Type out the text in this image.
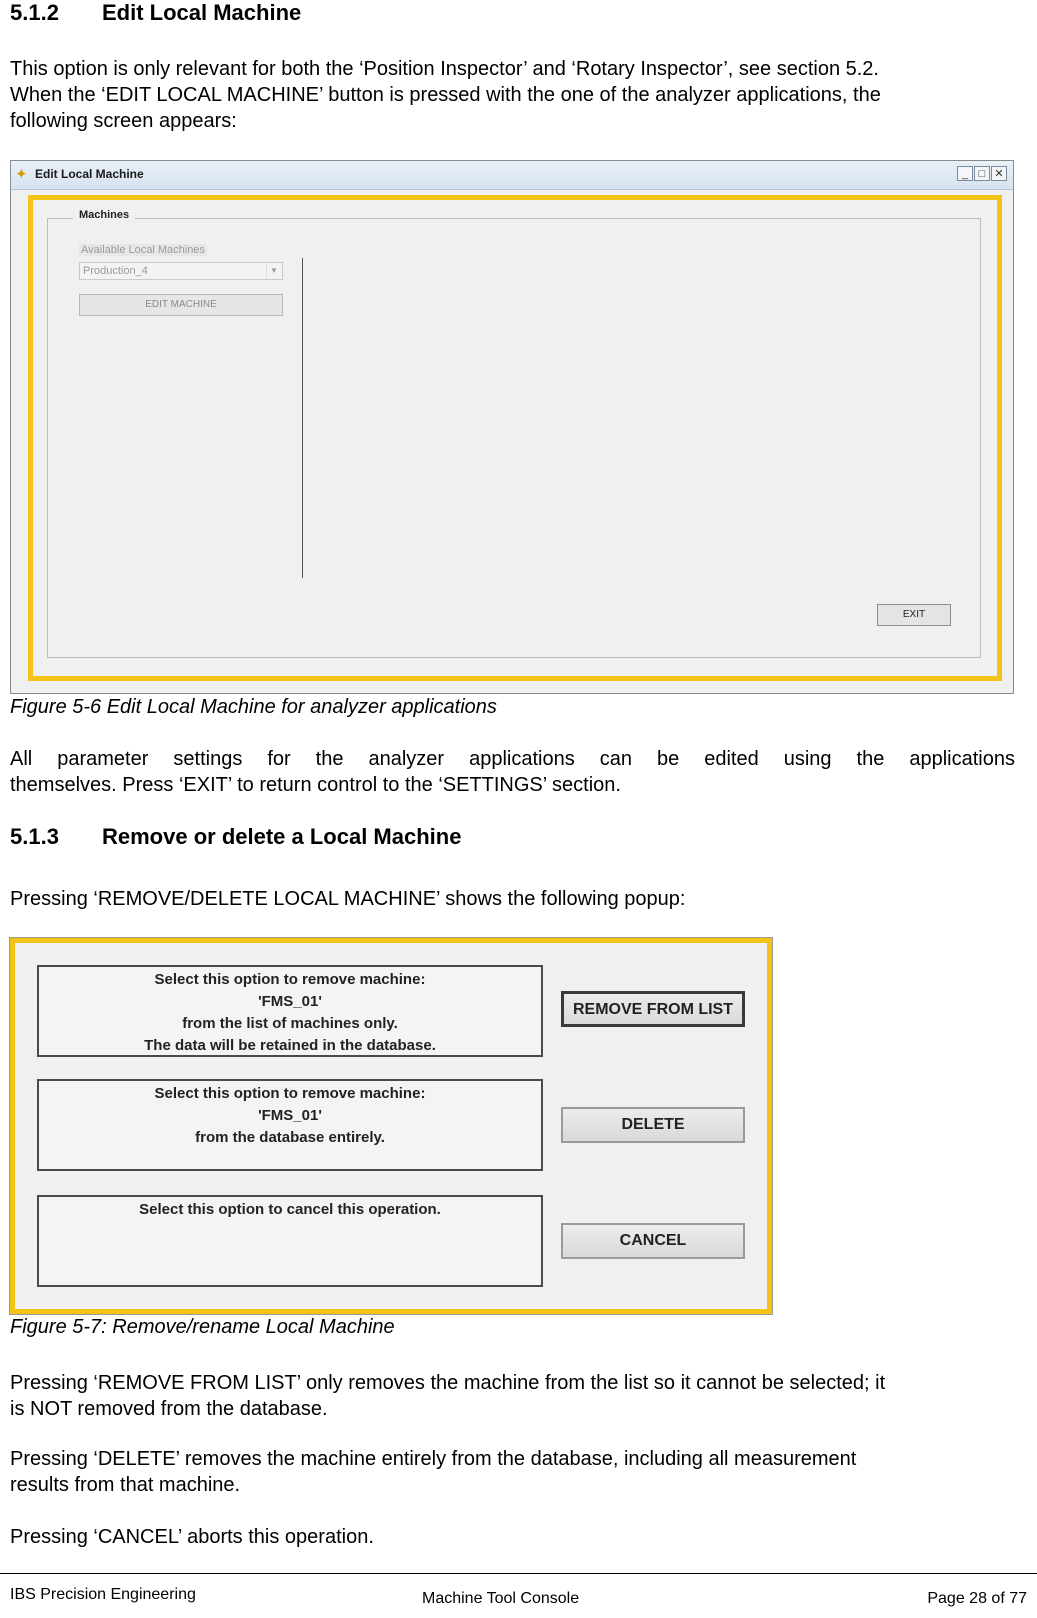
5.1.2 Edit Local Machine
This option is only relevant for both the ‘Position Inspector’ and ‘Rotary Inspector’, see section 5.2.
When the ‘EDIT LOCAL MACHINE’ button is pressed with the one of the analyzer applications, the
following screen appears:
✦ Edit Local Machine	_ □ ✕
Machines
Available Local Machines
Production_4	▼
EDIT MACHINE
EXIT
Figure 5-6 Edit Local Machine for analyzer applications
All parameter settings for the analyzer applications can be edited using the applications
themselves. Press ‘EXIT’ to return control to the ‘SETTINGS’ section.
5.1.3 Remove or delete a Local Machine
Pressing ‘REMOVE/DELETE LOCAL MACHINE’ shows the following popup:
Select this option to remove machine:
'FMS_01'
from the list of machines only.
The data will be retained in the database.
Select this option to remove machine:
'FMS_01'
from the database entirely.
Select this option to cancel this operation.
REMOVE FROM LIST
DELETE
CANCEL
Figure 5-7: Remove/rename Local Machine
Pressing ‘REMOVE FROM LIST’ only removes the machine from the list so it cannot be selected; it
is NOT removed from the database.
Pressing ‘DELETE’ removes the machine entirely from the database, including all measurement
results from that machine.
Pressing ‘CANCEL’ aborts this operation.
IBS Precision Engineering	Machine Tool Console	Page 28 of 77
